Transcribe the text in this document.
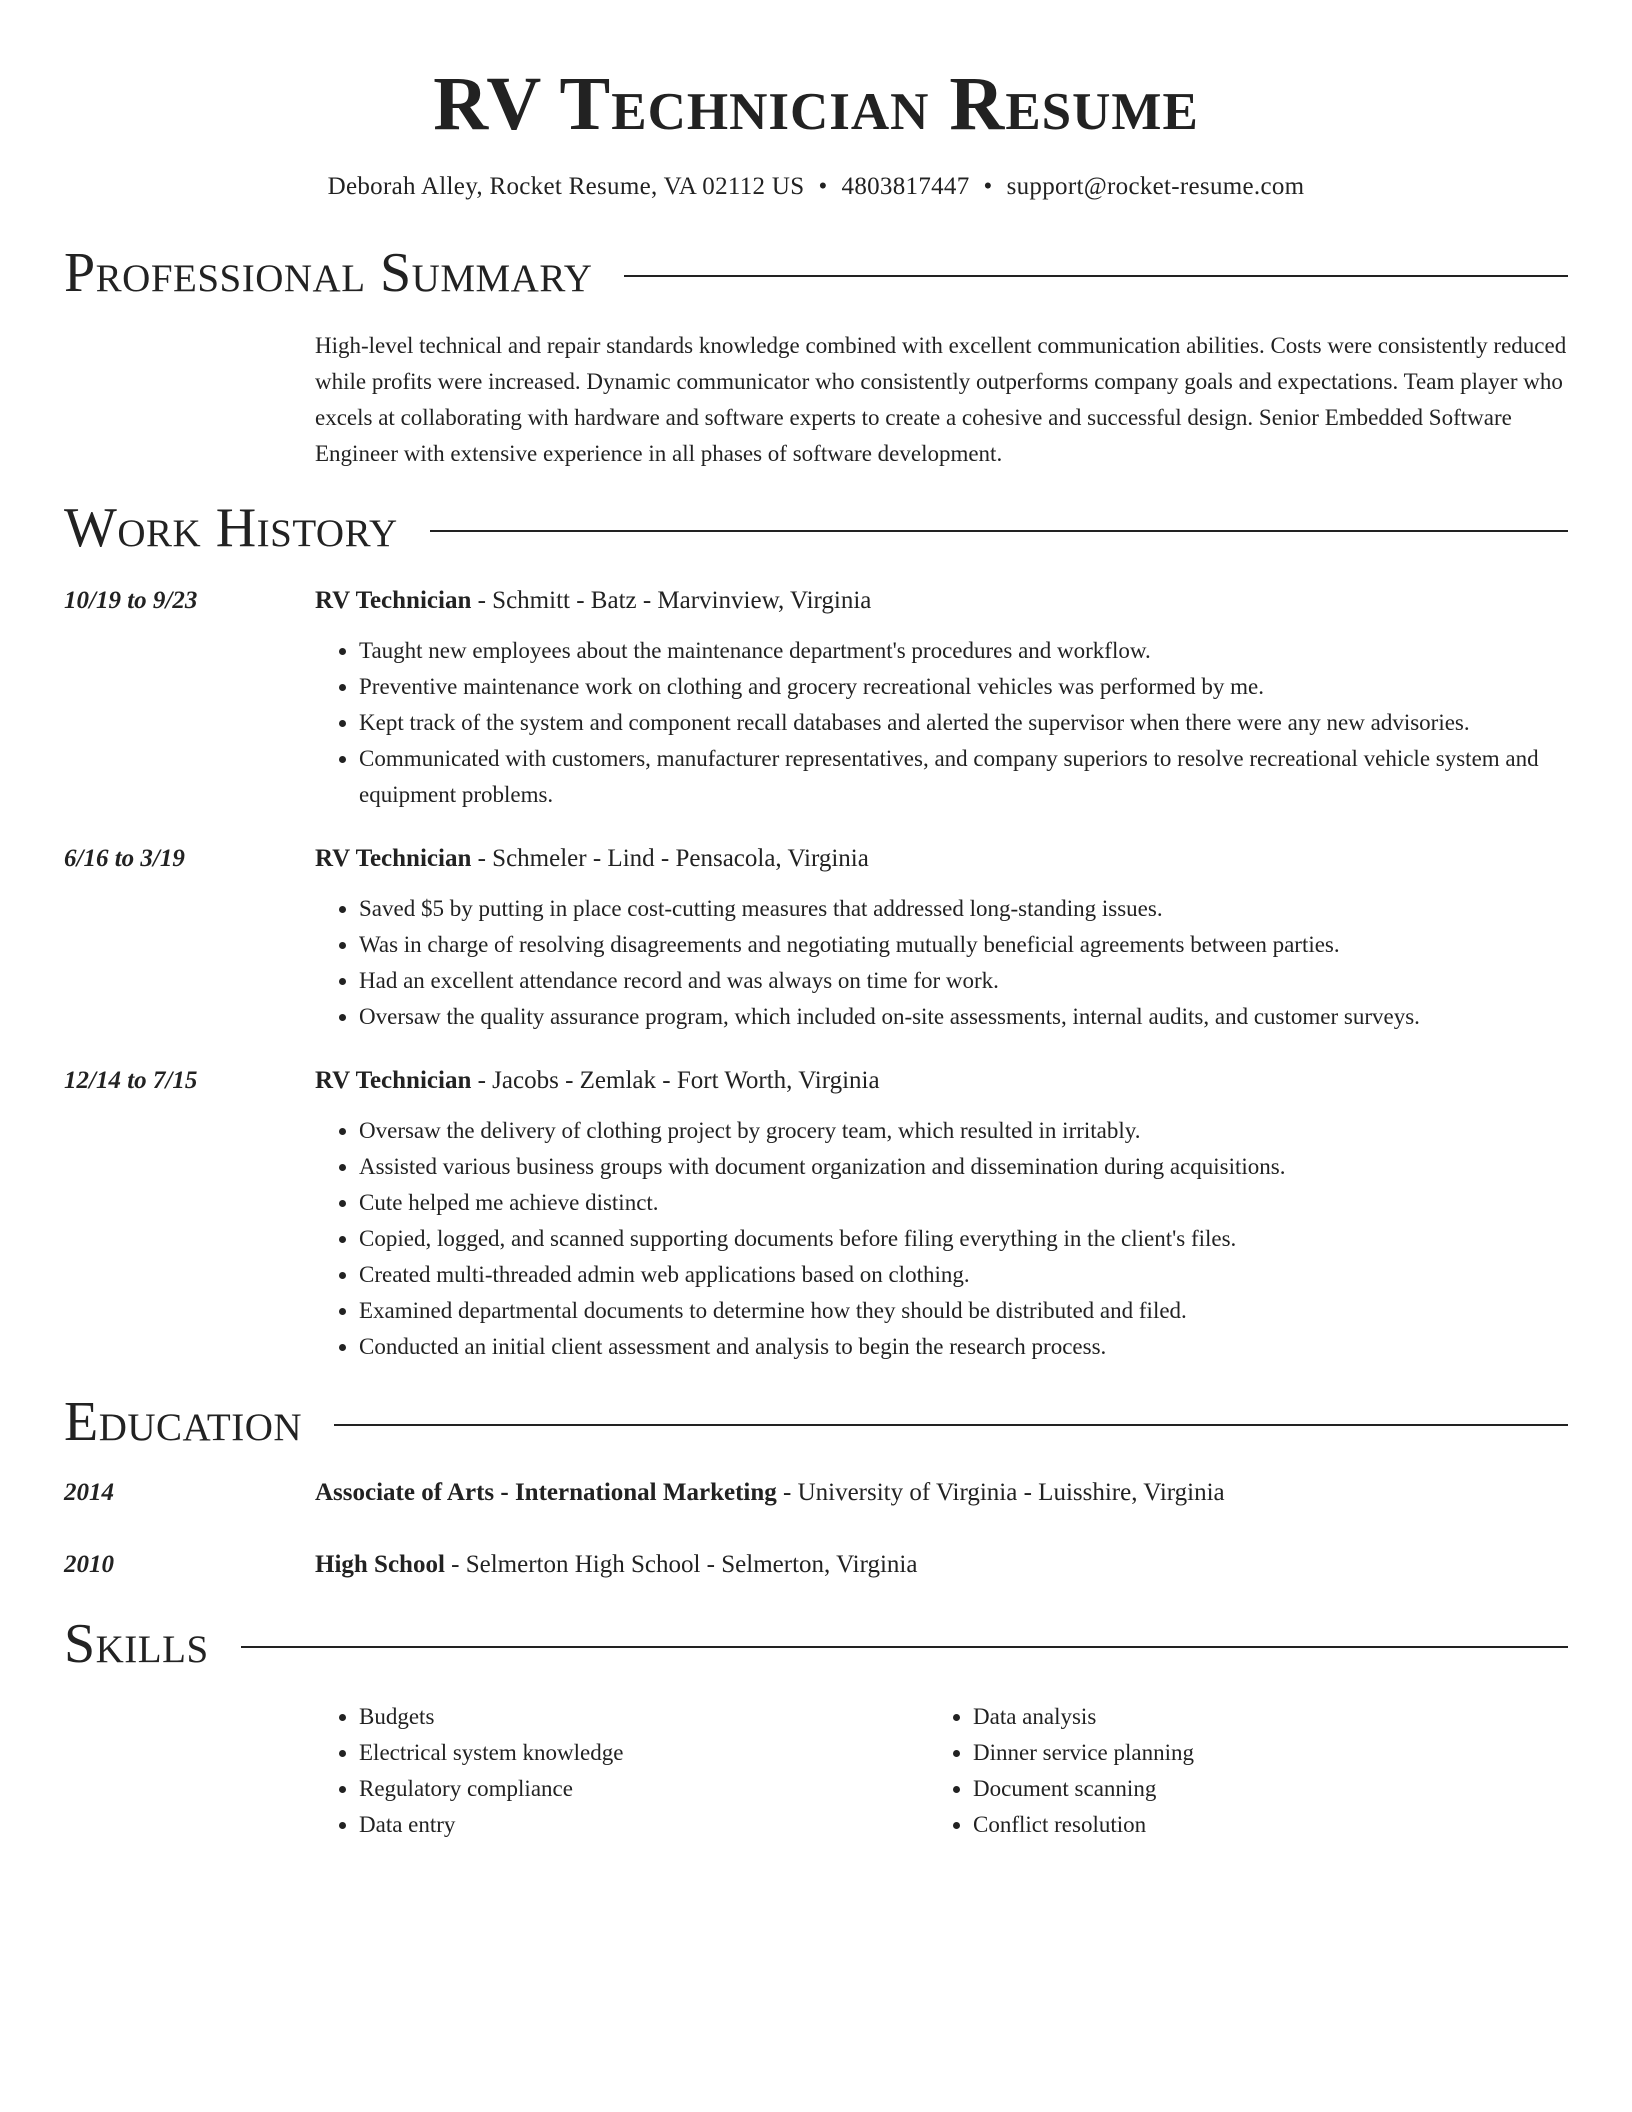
RV Technician Resume
Deborah Alley, Rocket Resume, VA 02112 US • 4803817447 • support@rocket-resume.com
Professional Summary

High-level technical and repair standards knowledge combined with excellent communication abilities. Costs were consistently reduced while profits were increased. Dynamic communicator who consistently outperforms company goals and expectations. Team player who excels at collaborating with hardware and software experts to create a cohesive and successful design. Senior Embedded Software Engineer with extensive experience in all phases of software development.

Work History
10/19 to 9/23	RV Technician - Schmitt - Batz - Marvinview, Virginia
• Taught new employees about the maintenance department's procedures and workflow.
• Preventive maintenance work on clothing and grocery recreational vehicles was performed by me.
• Kept track of the system and component recall databases and alerted the supervisor when there were any new advisories.
• Communicated with customers, manufacturer representatives, and company superiors to resolve recreational vehicle system and equipment problems.
6/16 to 3/19	RV Technician - Schmeler - Lind - Pensacola, Virginia
• Saved $5 by putting in place cost-cutting measures that addressed long-standing issues.
• Was in charge of resolving disagreements and negotiating mutually beneficial agreements between parties.
• Had an excellent attendance record and was always on time for work.
• Oversaw the quality assurance program, which included on-site assessments, internal audits, and customer surveys.
12/14 to 7/15	RV Technician - Jacobs - Zemlak - Fort Worth, Virginia
• Oversaw the delivery of clothing project by grocery team, which resulted in irritably.
• Assisted various business groups with document organization and dissemination during acquisitions.
• Cute helped me achieve distinct.
• Copied, logged, and scanned supporting documents before filing everything in the client's files.
• Created multi-threaded admin web applications based on clothing.
• Examined departmental documents to determine how they should be distributed and filed.
• Conducted an initial client assessment and analysis to begin the research process.
Education
2014	Associate of Arts - International Marketing - University of Virginia - Luisshire, Virginia
2010	High School - Selmerton High School - Selmerton, Virginia
Skills
• Budgets
• Electrical system knowledge
• Regulatory compliance
• Data entry
• Data analysis
• Dinner service planning
• Document scanning
• Conflict resolution
